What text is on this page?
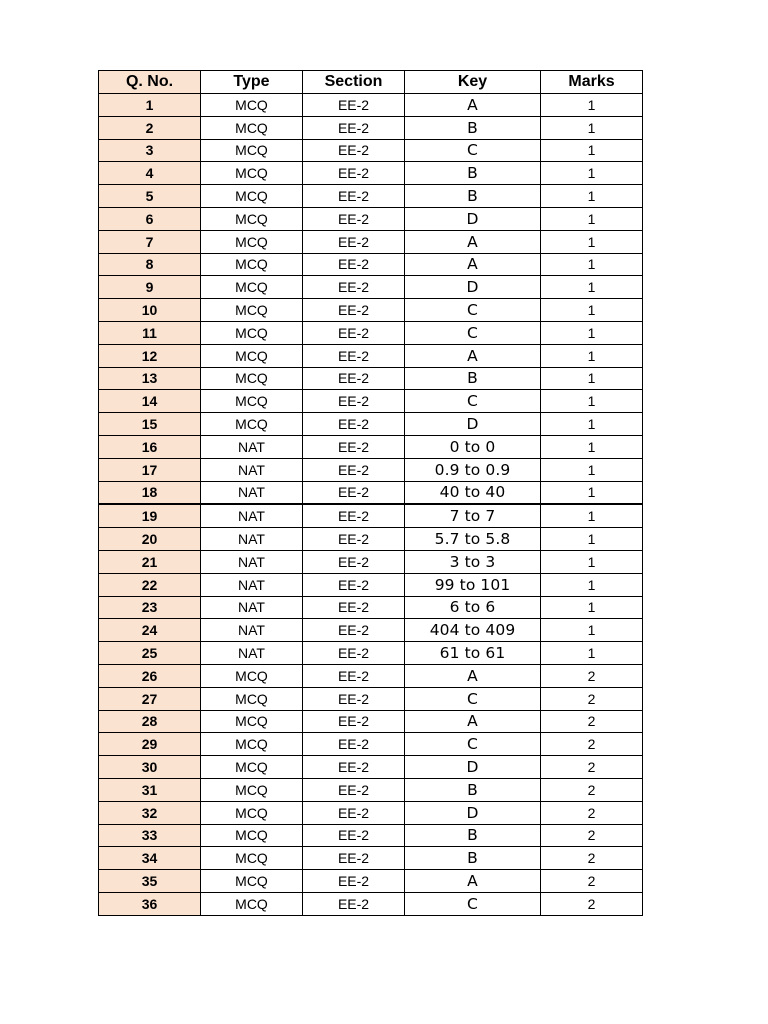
Q. No.	Type	Section	Key	Marks
1	MCQ	EE-2	A	1
2	MCQ	EE-2	B	1
3	MCQ	EE-2	C	1
4	MCQ	EE-2	B	1
5	MCQ	EE-2	B	1
6	MCQ	EE-2	D	1
7	MCQ	EE-2	A	1
8	MCQ	EE-2	A	1
9	MCQ	EE-2	D	1
10	MCQ	EE-2	C	1
11	MCQ	EE-2	C	1
12	MCQ	EE-2	A	1
13	MCQ	EE-2	B	1
14	MCQ	EE-2	C	1
15	MCQ	EE-2	D	1
16	NAT	EE-2	0 to 0	1
17	NAT	EE-2	0.9 to 0.9	1
18	NAT	EE-2	40 to 40	1
19	NAT	EE-2	7 to 7	1
20	NAT	EE-2	5.7 to 5.8	1
21	NAT	EE-2	3 to 3	1
22	NAT	EE-2	99 to 101	1
23	NAT	EE-2	6 to 6	1
24	NAT	EE-2	404 to 409	1
25	NAT	EE-2	61 to 61	1
26	MCQ	EE-2	A	2
27	MCQ	EE-2	C	2
28	MCQ	EE-2	A	2
29	MCQ	EE-2	C	2
30	MCQ	EE-2	D	2
31	MCQ	EE-2	B	2
32	MCQ	EE-2	D	2
33	MCQ	EE-2	B	2
34	MCQ	EE-2	B	2
35	MCQ	EE-2	A	2
36	MCQ	EE-2	C	2
